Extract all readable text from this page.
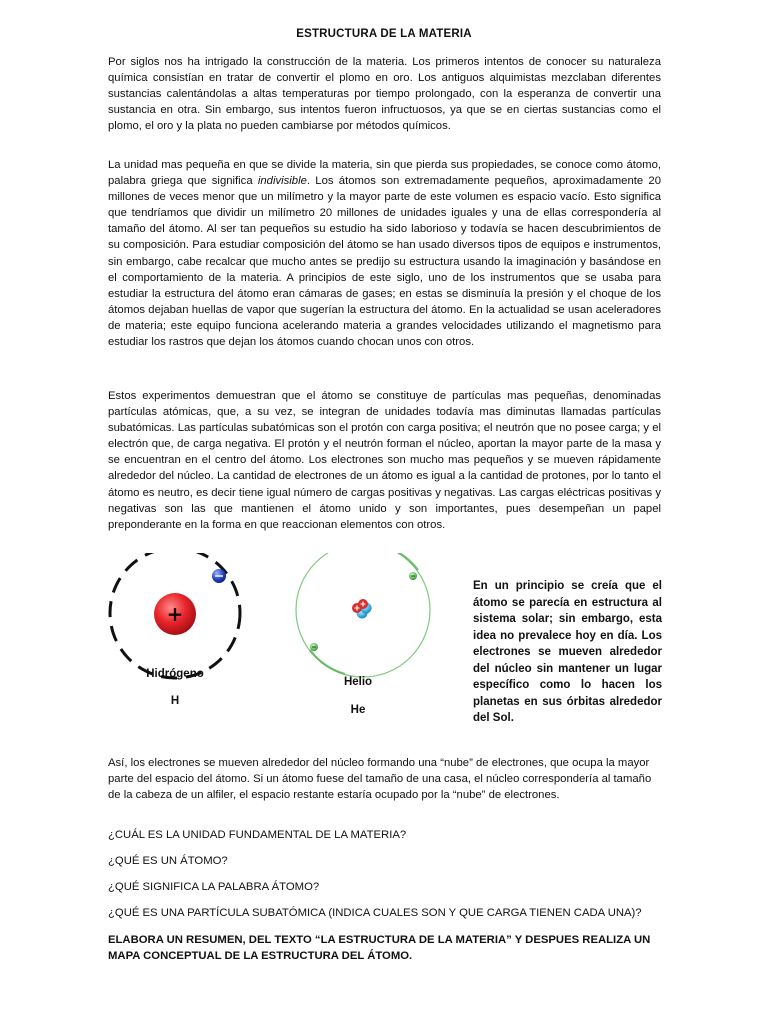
ESTRUCTURA DE LA MATERIA

Por siglos nos ha intrigado la construcción de la materia. Los primeros intentos de conocer su naturaleza química consistían en tratar de convertir el plomo en oro. Los antiguos alquimistas mezclaban diferentes sustancias calentándolas a altas temperaturas por tiempo prolongado, con la esperanza de convertir una sustancia en otra. Sin embargo, sus intentos fueron infructuosos, ya que se en ciertas sustancias como el plomo, el oro y la plata no pueden cambiarse por métodos químicos.

La unidad mas pequeña en que se divide la materia, sin que pierda sus propiedades, se conoce como átomo, palabra griega que significa indivisible. Los átomos son extremadamente pequeños, aproximadamente 20 millones de veces menor que un milímetro y la mayor parte de este volumen es espacio vacío. Esto significa que tendríamos que dividir un milímetro 20 millones de unidades iguales y una de ellas correspondería al tamaño del átomo. Al ser tan pequeños su estudio ha sido laborioso y todavía se hacen descubrimientos de su composición. Para estudiar composición del átomo se han usado diversos tipos de equipos e instrumentos, sin embargo, cabe recalcar que mucho antes se predijo su estructura usando la imaginación y basándose en el comportamiento de la materia. A principios de este siglo, uno de los instrumentos que se usaba para estudiar la estructura del átomo eran cámaras de gases; en estas se disminuía la presión y el choque de los átomos dejaban huellas de vapor que sugerían la estructura del átomo. En la actualidad se usan aceleradores de materia; este equipo funciona acelerando materia a grandes velocidades utilizando el magnetismo para estudiar los rastros que dejan los átomos cuando chocan unos con otros.

Estos experimentos demuestran que el átomo se constituye de partículas mas pequeñas, denominadas partículas atómicas, que, a su vez, se integran de unidades todavía mas diminutas llamadas partículas subatómicas. Las partículas subatómicas son el protón con carga positiva; el neutrón que no posee carga; y el electrón que, de carga negativa. El protón y el neutrón forman el núcleo, aportan la mayor parte de la masa y se encuentran en el centro del átomo. Los electrones son mucho mas pequeños y se mueven rápidamente alrededor del núcleo. La cantidad de electrones de un átomo es igual a la cantidad de protones, por lo tanto el átomo es neutro, es decir tiene igual número de cargas positivas y negativas. Las cargas eléctricas positivas y negativas son las que mantienen el átomo unido y son importantes, pues desempeñan un papel preponderante en la forma en que reaccionan elementos con otros.

+
Hidrógeno
H
Helio
He

En un principio se creía que el átomo se parecía en estructura al sistema solar; sin embargo, esta idea no prevalece hoy en día. Los electrones se mueven alrededor del núcleo sin mantener un lugar específico como lo hacen los planetas en sus órbitas alrededor del Sol.

Así, los electrones se mueven alrededor del núcleo formando una “nube” de electrones, que ocupa la mayor parte del espacio del átomo. Si un átomo fuese del tamaño de una casa, el núcleo correspondería al tamaño de la cabeza de un alfiler, el espacio restante estaría ocupado por la “nube” de electrones.

¿CUÁL ES LA UNIDAD FUNDAMENTAL DE LA MATERIA?

¿QUÉ ES UN ÁTOMO?

¿QUÉ SIGNIFICA LA PALABRA ÁTOMO?

¿QUÉ ES UNA PARTÍCULA SUBATÓMICA (INDICA CUALES SON Y QUE CARGA TIENEN CADA UNA)?

ELABORA UN RESUMEN, DEL TEXTO “LA ESTRUCTURA DE LA MATERIA” Y DESPUES REALIZA UN MAPA CONCEPTUAL DE LA ESTRUCTURA DEL ÁTOMO.
